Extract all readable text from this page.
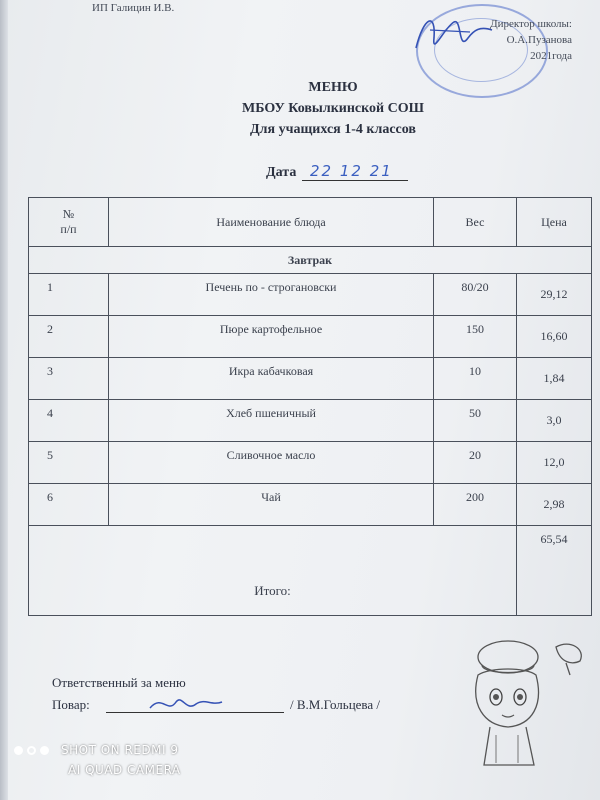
ИП Галицин И.В.
Директор школы:
О.А.Пузанова
2021года
МЕНЮ
МБОУ Ковылкинской СОШ
Для учащихся 1-4 классов
Дата 22 12 21
№
п/п	Наименование блюда	Вес	Цена
Завтрак			
1	Печень по - строгановски	80/20	29,12
2	Пюре картофельное	150	16,60
3	Икра кабачковая	10	1,84
4	Хлеб пшеничный	50	3,0
5	Сливочное масло	20	12,0
6	Чай	200	2,98
Итого:			65,54
Ответственный за меню
Повар:	/ В.М.Гольцева /
SHOT ON REDMI 9
AI QUAD CAMERA
